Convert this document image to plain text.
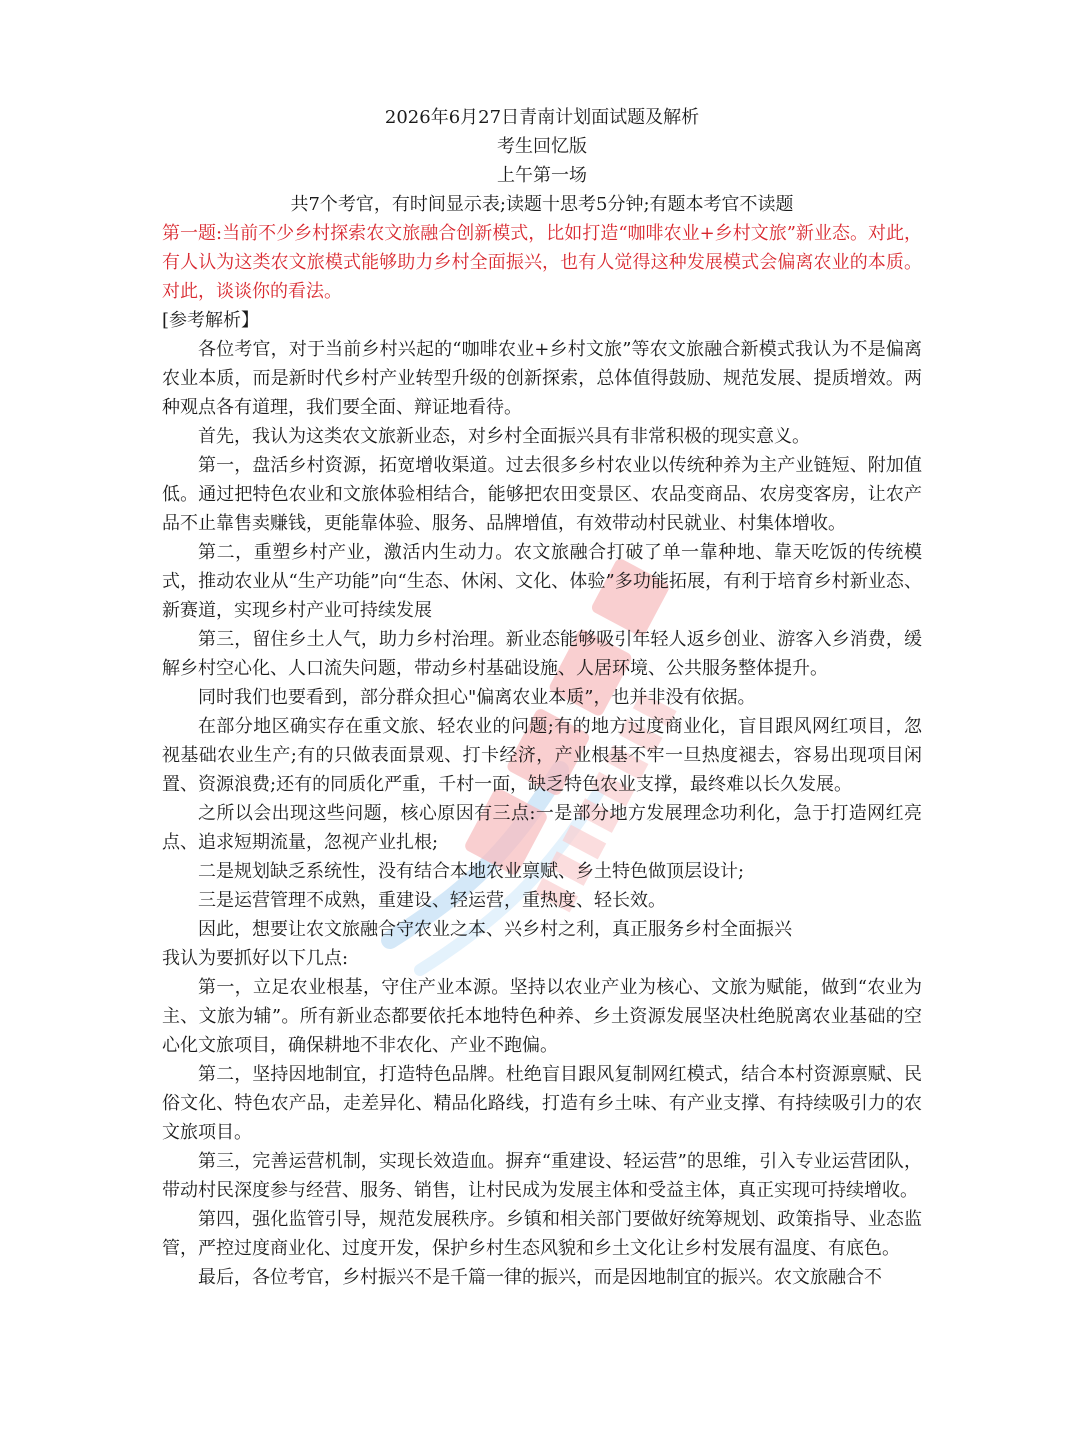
2026年6月27日青南计划面试题及解析

考生回忆版

上午第一场

共7个考官，有时间显示表;读题十思考5分钟;有题本考官不读题

第一题:当前不少乡村探索农文旅融合创新模式，比如打造“咖啡农业+乡村文旅”新业态。对此，有人认为这类农文旅模式能够助力乡村全面振兴，也有人觉得这种发展模式会偏离农业的本质。对此，谈谈你的看法。

[参考解析】

各位考官，对于当前乡村兴起的“咖啡农业+乡村文旅”等农文旅融合新模式我认为不是偏离农业本质，而是新时代乡村产业转型升级的创新探索，总体值得鼓励、规范发展、提质增效。两种观点各有道理，我们要全面、辩证地看待。

首先，我认为这类农文旅新业态，对乡村全面振兴具有非常积极的现实意义。

第一，盘活乡村资源，拓宽增收渠道。过去很多乡村农业以传统种养为主产业链短、附加值低。通过把特色农业和文旅体验相结合，能够把农田变景区、农品变商品、农房变客房，让农产品不止靠售卖赚钱，更能靠体验、服务、品牌增值，有效带动村民就业、村集体增收。

第二，重塑乡村产业，激活内生动力。农文旅融合打破了单一靠种地、靠天吃饭的传统模式，推动农业从“生产功能”向“生态、休闲、文化、体验”多功能拓展，有利于培育乡村新业态、新赛道，实现乡村产业可持续发展

第三，留住乡土人气，助力乡村治理。新业态能够吸引年轻人返乡创业、游客入乡消费，缓解乡村空心化、人口流失问题，带动乡村基础设施、人居环境、公共服务整体提升。

同时我们也要看到，部分群众担心"偏离农业本质”，也并非没有依据。

在部分地区确实存在重文旅、轻农业的问题;有的地方过度商业化，盲目跟风网红项目，忽视基础农业生产;有的只做表面景观、打卡经济，产业根基不牢一旦热度褪去，容易出现项目闲置、资源浪费;还有的同质化严重，千村一面，缺乏特色农业支撑，最终难以长久发展。

之所以会出现这些问题，核心原因有三点:一是部分地方发展理念功利化，急于打造网红亮点、追求短期流量，忽视产业扎根;

二是规划缺乏系统性，没有结合本地农业禀赋、乡土特色做顶层设计;

三是运营管理不成熟，重建设、轻运营，重热度、轻长效。

因此，想要让农文旅融合守农业之本、兴乡村之利，真正服务乡村全面振兴

我认为要抓好以下几点:

第一，立足农业根基，守住产业本源。坚持以农业产业为核心、文旅为赋能，做到“农业为主、文旅为辅”。所有新业态都要依托本地特色种养、乡土资源发展坚决杜绝脱离农业基础的空心化文旅项目，确保耕地不非农化、产业不跑偏。

第二，坚持因地制宜，打造特色品牌。杜绝盲目跟风复制网红模式，结合本村资源禀赋、民俗文化、特色农产品，走差异化、精品化路线，打造有乡土味、有产业支撑、有持续吸引力的农文旅项目。

第三，完善运营机制，实现长效造血。摒弃“重建设、轻运营”的思维，引入专业运营团队，带动村民深度参与经营、服务、销售，让村民成为发展主体和受益主体，真正实现可持续增收。

第四，强化监管引导，规范发展秩序。乡镇和相关部门要做好统筹规划、政策指导、业态监管，严控过度商业化、过度开发，保护乡村生态风貌和乡土文化让乡村发展有温度、有底色。

最后，各位考官，乡村振兴不是千篇一律的振兴，而是因地制宜的振兴。农文旅融合不
